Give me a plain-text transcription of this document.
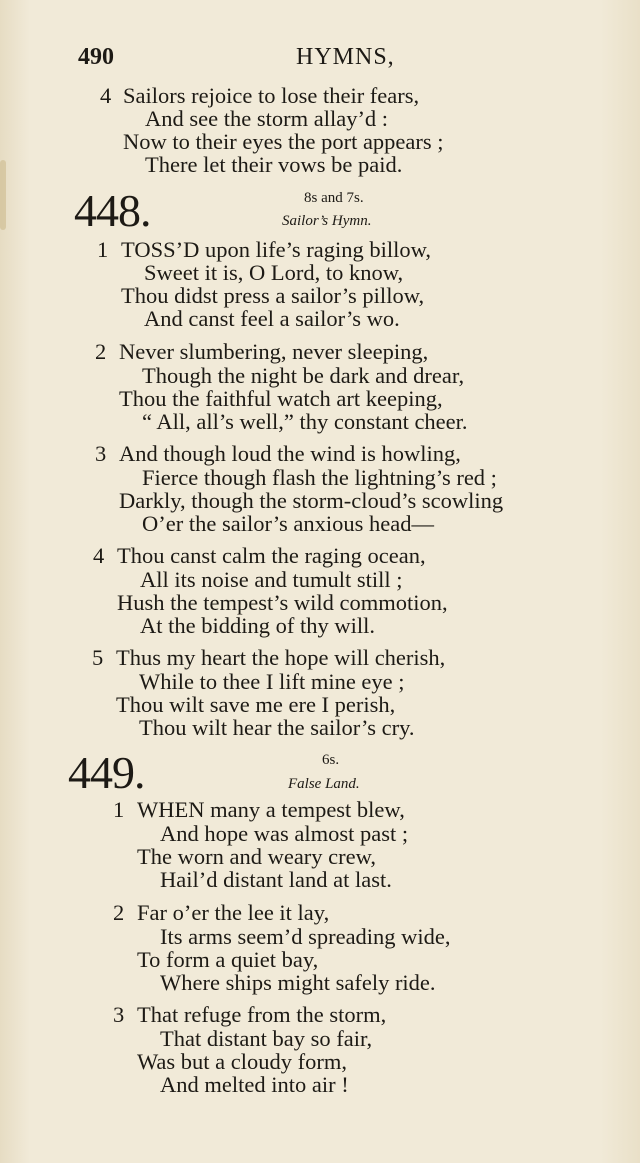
490	HYMNS,
4 Sailors rejoice to lose their fears,
And see the storm allay’d :
Now to their eyes the port appears ;
There let their vows be paid.
448.	8s and 7s.
Sailor’s Hymn.
1 TOSS’D upon life’s raging billow,
Sweet it is, O Lord, to know,
Thou didst press a sailor’s pillow,
And canst feel a sailor’s wo.
2 Never slumbering, never sleeping,
Though the night be dark and drear,
Thou the faithful watch art keeping,
“ All, all’s well,” thy constant cheer.
3 And though loud the wind is howling,
Fierce though flash the lightning’s red ;
Darkly, though the storm-cloud’s scowling
O’er the sailor’s anxious head—
4 Thou canst calm the raging ocean,
All its noise and tumult still ;
Hush the tempest’s wild commotion,
At the bidding of thy will.
5 Thus my heart the hope will cherish,
While to thee I lift mine eye ;
Thou wilt save me ere I perish,
Thou wilt hear the sailor’s cry.
449.	6s.
False Land.
1 WHEN many a tempest blew,
And hope was almost past ;
The worn and weary crew,
Hail’d distant land at last.
2 Far o’er the lee it lay,
Its arms seem’d spreading wide,
To form a quiet bay,
Where ships might safely ride.
3 That refuge from the storm,
That distant bay so fair,
Was but a cloudy form,
And melted into air !
